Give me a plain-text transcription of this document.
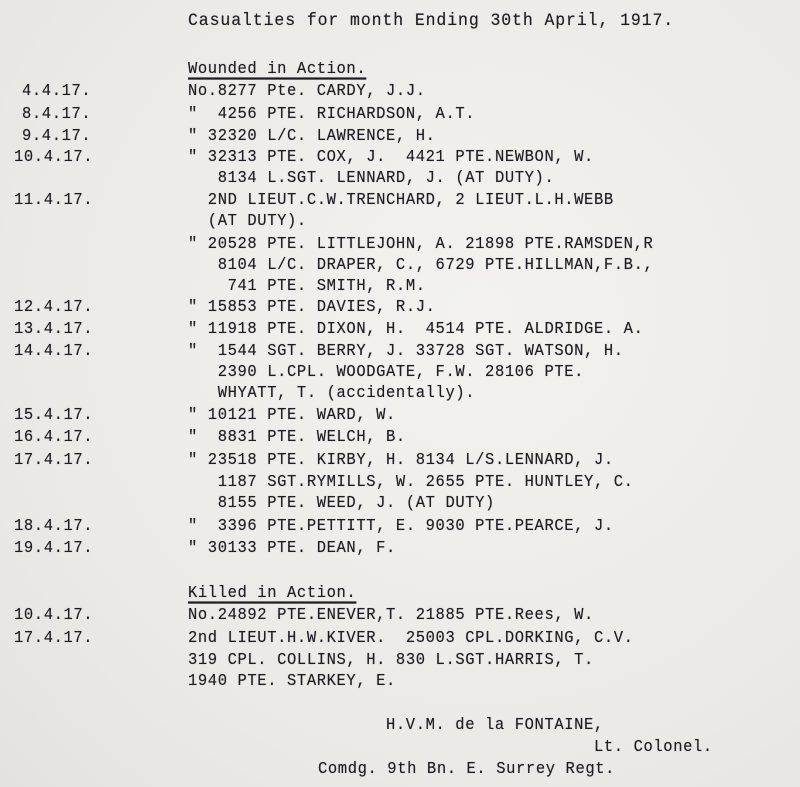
Casualties for month Ending 30th April, 1917.
Wounded in Action.
4.4.17.	No.8277 Pte. CARDY, J.J.
8.4.17.	"  4256 PTE. RICHARDSON, A.T.
9.4.17.	" 32320 L/C. LAWRENCE, H.
10.4.17.	" 32313 PTE. COX, J.  4421 PTE.NEWBON, W.
8134 L.SGT. LENNARD, J. (AT DUTY).
11.4.17.	2ND LIEUT.C.W.TRENCHARD, 2 LIEUT.L.H.WEBB
(AT DUTY).
" 20528 PTE. LITTLEJOHN, A. 21898 PTE.RAMSDEN,R
8104 L/C. DRAPER, C., 6729 PTE.HILLMAN,F.B.,
741 PTE. SMITH, R.M.
12.4.17.	" 15853 PTE. DAVIES, R.J.
13.4.17.	" 11918 PTE. DIXON, H.  4514 PTE. ALDRIDGE. A.
14.4.17.	"  1544 SGT. BERRY, J. 33728 SGT. WATSON, H.
2390 L.CPL. WOODGATE, F.W. 28106 PTE.
WHYATT, T. (accidentally).
15.4.17.	" 10121 PTE. WARD, W.
16.4.17.	"  8831 PTE. WELCH, B.
17.4.17.	" 23518 PTE. KIRBY, H. 8134 L/S.LENNARD, J.
1187 SGT.RYMILLS, W. 2655 PTE. HUNTLEY, C.
8155 PTE. WEED, J. (AT DUTY)
18.4.17.	"  3396 PTE.PETTITT, E. 9030 PTE.PEARCE, J.
19.4.17.	" 30133 PTE. DEAN, F.
Killed in Action.
10.4.17.	No.24892 PTE.ENEVER,T. 21885 PTE.Rees, W.
17.4.17.	2nd LIEUT.H.W.KIVER.  25003 CPL.DORKING, C.V.
319 CPL. COLLINS, H. 830 L.SGT.HARRIS, T.
1940 PTE. STARKEY, E.
H.V.M. de la FONTAINE,
Lt. Colonel.
Comdg. 9th Bn. E. Surrey Regt.
